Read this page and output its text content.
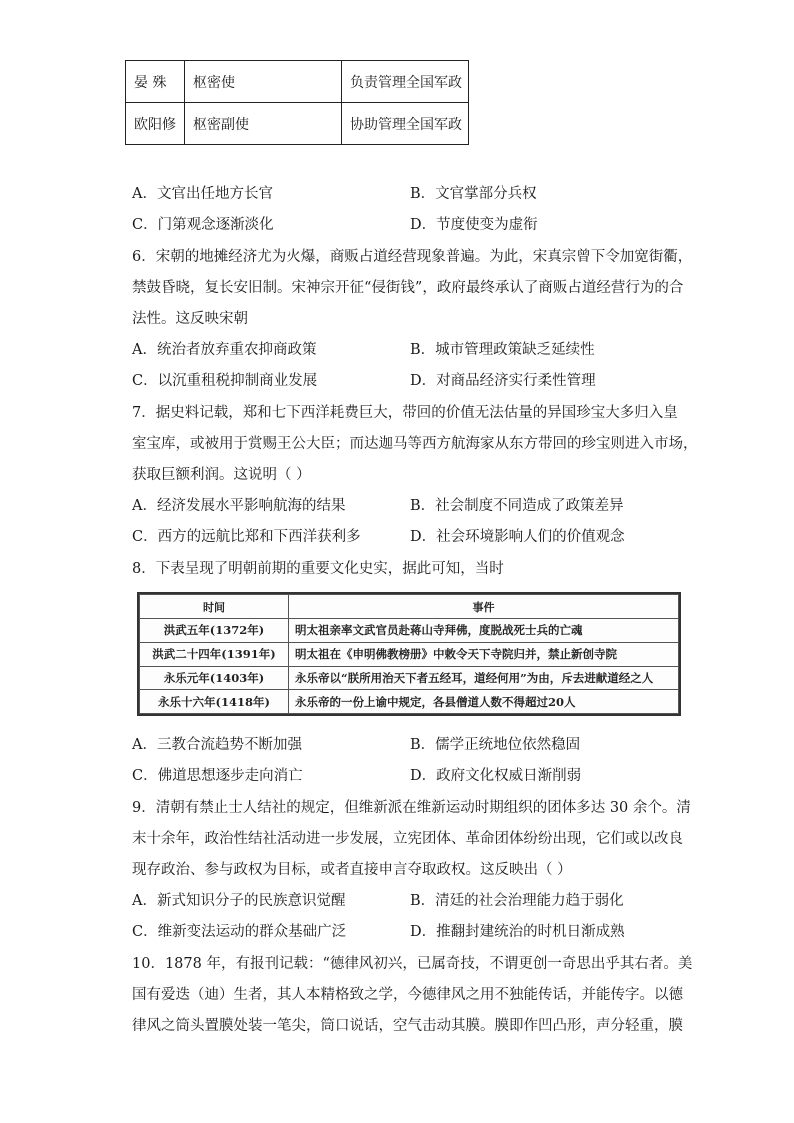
晏 殊	枢密使	负责管理全国军政
欧阳修	枢密副使	协助管理全国军政
A．文官出任地方长官	B．文官掌部分兵权
C．门第观念逐渐淡化	D．节度使变为虚衔
6．宋朝的地摊经济尤为火爆，商贩占道经营现象普遍。为此，宋真宗曾下令加宽街衢，
禁鼓昏晓，复长安旧制。宋神宗开征“侵街钱”，政府最终承认了商贩占道经营行为的合
法性。这反映宋朝
A．统治者放弃重农抑商政策	B．城市管理政策缺乏延续性
C．以沉重租税抑制商业发展	D．对商品经济实行柔性管理
7．据史料记载，郑和七下西洋耗费巨大，带回的价值无法估量的异国珍宝大多归入皇
室宝库，或被用于赏赐王公大臣；而达迦马等西方航海家从东方带回的珍宝则进入市场，
获取巨额利润。这说明（ ）
A．经济发展水平影响航海的结果	B．社会制度不同造成了政策差异
C．西方的远航比郑和下西洋获利多	D．社会环境影响人们的价值观念
8．下表呈现了明朝前期的重要文化史实，据此可知，当时
时间	事件
洪武五年(1372年)	明太祖亲率文武官员赴蒋山寺拜佛，度脱战死士兵的亡魂
洪武二十四年(1391年)	明太祖在《申明佛教榜册》中敕令天下寺院归并，禁止新创寺院
永乐元年(1403年)	永乐帝以“朕所用治天下者五经耳，道经何用”为由，斥去进献道经之人
永乐十六年(1418年)	永乐帝的一份上谕中规定，各县僧道人数不得超过20人
A．三教合流趋势不断加强	B．儒学正统地位依然稳固
C．佛道思想逐步走向消亡	D．政府文化权威日渐削弱
9．清朝有禁止士人结社的规定，但维新派在维新运动时期组织的团体多达 30 余个。清
末十余年，政治性结社活动进一步发展，立宪团体、革命团体纷纷出现，它们或以改良
现存政治、参与政权为目标，或者直接申言夺取政权。这反映出（ ）
A．新式知识分子的民族意识觉醒	B．清廷的社会治理能力趋于弱化
C．维新变法运动的群众基础广泛	D．推翻封建统治的时机日渐成熟
10．1878 年，有报刊记载：“德律风初兴，已属奇技，不谓更创一奇思出乎其右者。美
国有爱迭（迪）生者，其人本精格致之学，今德律风之用不独能传话，并能传字。以德
律风之筒头置膜处装一笔尖，筒口说话，空气击动其膜。膜即作凹凸形，声分轻重，膜
